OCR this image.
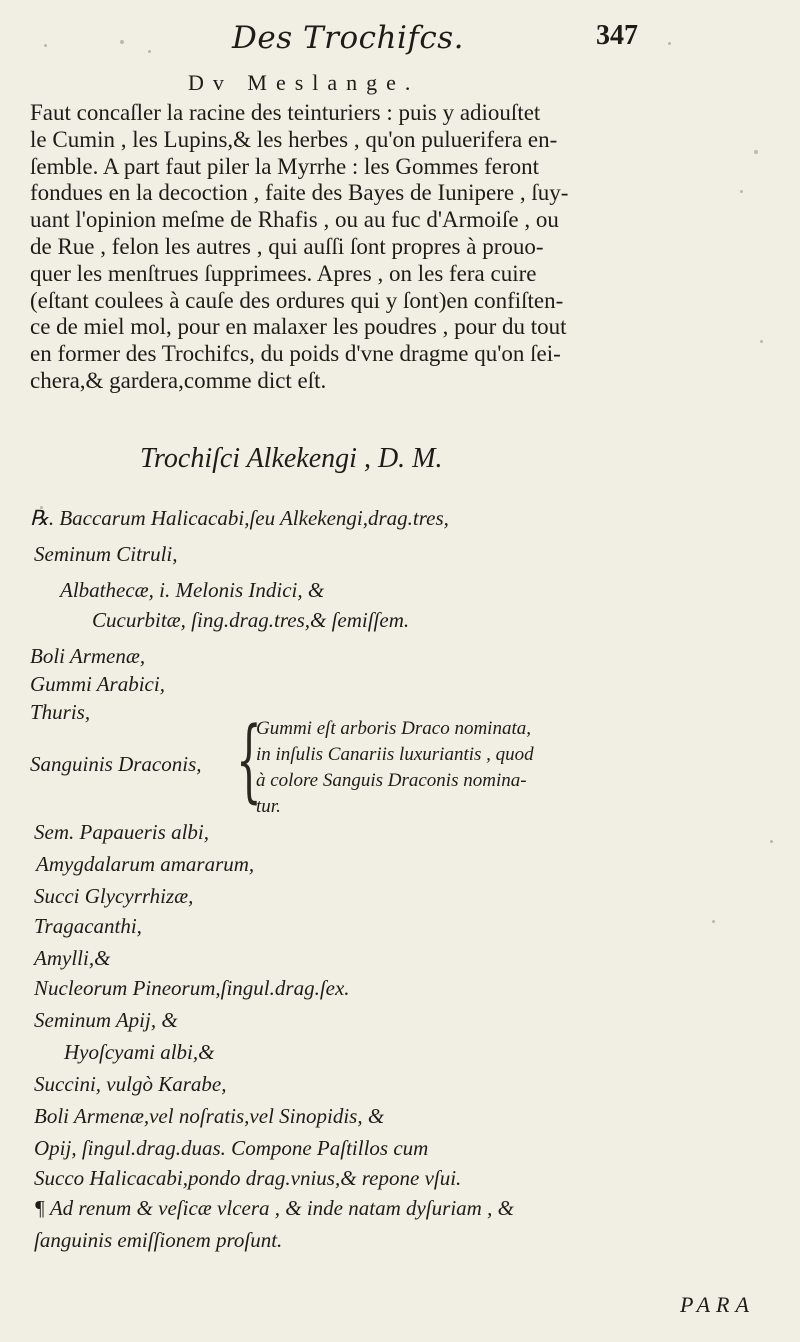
Des Trochifcs.	347
Dv Meslange.
Faut concaſler la racine des teinturiers : puis y adiouſtet
le Cumin , les Lupins,& les herbes , qu'on puluerifera en-
ſemble. A part faut piler la Myrrhe : les Gommes feront
fondues en la decoction , faite des Bayes de Iunipere , ſuy-
uant l'opinion meſme de Rhafis , ou au fuc d'Armoiſe , ou
de Rue , felon les autres , qui auſſi ſont propres à prouo-
quer les menſtrues ſupprimees. Apres , on les fera cuire
(eſtant coulees à cauſe des ordures qui y ſont)en confiſten-
ce de miel mol, pour en malaxer les poudres , pour du tout
en former des Trochifcs, du poids d'vne dragme qu'on ſei-
chera,& gardera,comme dict eſt.
Trochiſci Alkekengi , D. M.
℞. Baccarum Halicacabi,ſeu Alkekengi,drag.tres,
Seminum Citruli,
Albathecæ, i. Melonis Indici, &
Cucurbitæ, ſing.drag.tres,& ſemiſſem.
Boli Armenæ,
Gummi Arabici,
Thuris,
Sanguinis Draconis, {
Gummi eſt arboris Draco nominata,
in inſulis Canariis luxuriantis , quod
à colore Sanguis Draconis nomina-
tur.
Sem. Papaueris albi,
Amygdalarum amararum,
Succi Glycyrrhizæ,
Tragacanthi,
Amylli,&
Nucleorum Pineorum,ſingul.drag.ſex.
Seminum Apij, &
Hyoſcyami albi,&
Succini, vulgò Karabe,
Boli Armenæ,vel noſratis,vel Sinopidis, &
Opij, ſingul.drag.duas. Compone Paſtillos cum
Succo Halicacabi,pondo drag.vnius,& repone vſui.
¶ Ad renum & veſicæ vlcera , & inde natam dyſuriam , &
ſanguinis emiſſionem proſunt.
PARA
